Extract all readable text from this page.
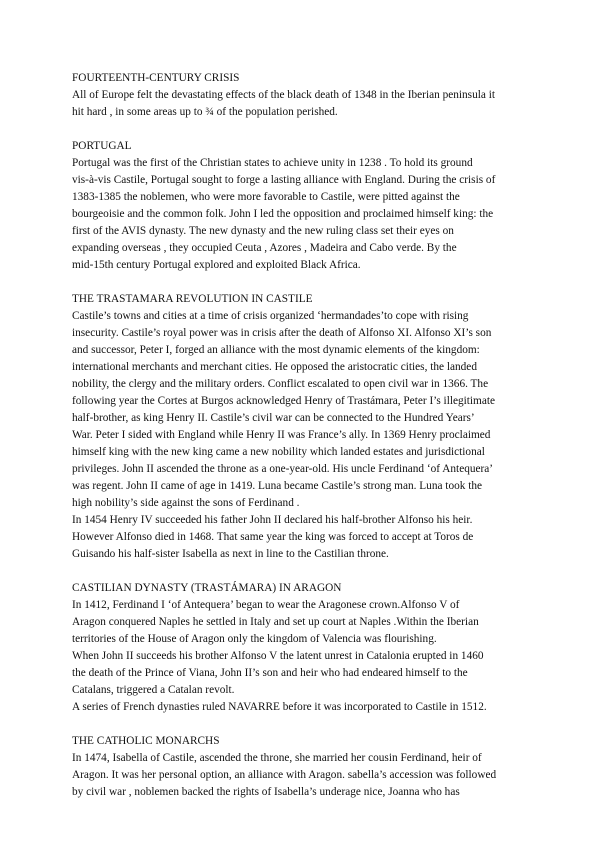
FOURTEENTH-CENTURY CRISIS
All of Europe felt the devastating effects of the black death of 1348 in the Iberian peninsula it
hit hard , in some areas up to ¾ of the population perished.
PORTUGAL
Portugal was the first of the Christian states to achieve unity in 1238 . To hold its ground
vis-à-vis Castile, Portugal sought to forge a lasting alliance with England. During the crisis of
1383-1385 the noblemen, who were more favorable to Castile, were pitted against the
bourgeoisie and the common folk. John I led the opposition and proclaimed himself king: the
first of the AVIS dynasty. The new dynasty and the new ruling class set their eyes on
expanding overseas , they occupied Ceuta , Azores , Madeira and Cabo verde. By the
mid-15th century Portugal explored and exploited Black Africa.
THE TRASTAMARA REVOLUTION IN CASTILE
Castile’s towns and cities at a time of crisis organized ‘hermandades’to cope with rising
insecurity. Castile’s royal power was in crisis after the death of Alfonso XI. Alfonso XI’s son
and successor, Peter I, forged an alliance with the most dynamic elements of the kingdom:
international merchants and merchant cities. He opposed the aristocratic cities, the landed
nobility, the clergy and the military orders. Conflict escalated to open civil war in 1366. The
following year the Cortes at Burgos acknowledged Henry of Trastámara, Peter I’s illegitimate
half-brother, as king Henry II. Castile’s civil war can be connected to the Hundred Years’
War. Peter I sided with England while Henry II was France’s ally. In 1369 Henry proclaimed
himself king with the new king came a new nobility which landed estates and jurisdictional
privileges. John II ascended the throne as a one-year-old. His uncle Ferdinand ‘of Antequera’
was regent. John II came of age in 1419. Luna became Castile’s strong man. Luna took the
high nobility’s side against the sons of Ferdinand .
In 1454 Henry IV succeeded his father John II declared his half-brother Alfonso his heir.
However Alfonso died in 1468. That same year the king was forced to accept at Toros de
Guisando his half-sister Isabella as next in line to the Castilian throne.
CASTILIAN DYNASTY (TRASTÁMARA) IN ARAGON
In 1412, Ferdinand I ‘of Antequera’ began to wear the Aragonese crown.Alfonso V of
Aragon conquered Naples he settled in Italy and set up court at Naples .Within the Iberian
territories of the House of Aragon only the kingdom of Valencia was flourishing.
When John II succeeds his brother Alfonso V the latent unrest in Catalonia erupted in 1460
the death of the Prince of Viana, John II’s son and heir who had endeared himself to the
Catalans, triggered a Catalan revolt.
A series of French dynasties ruled NAVARRE before it was incorporated to Castile in 1512.
THE CATHOLIC MONARCHS
In 1474, Isabella of Castile, ascended the throne, she married her cousin Ferdinand, heir of
Aragon. It was her personal option, an alliance with Aragon. sabella’s accession was followed
by civil war , noblemen backed the rights of Isabella’s underage nice, Joanna who has
